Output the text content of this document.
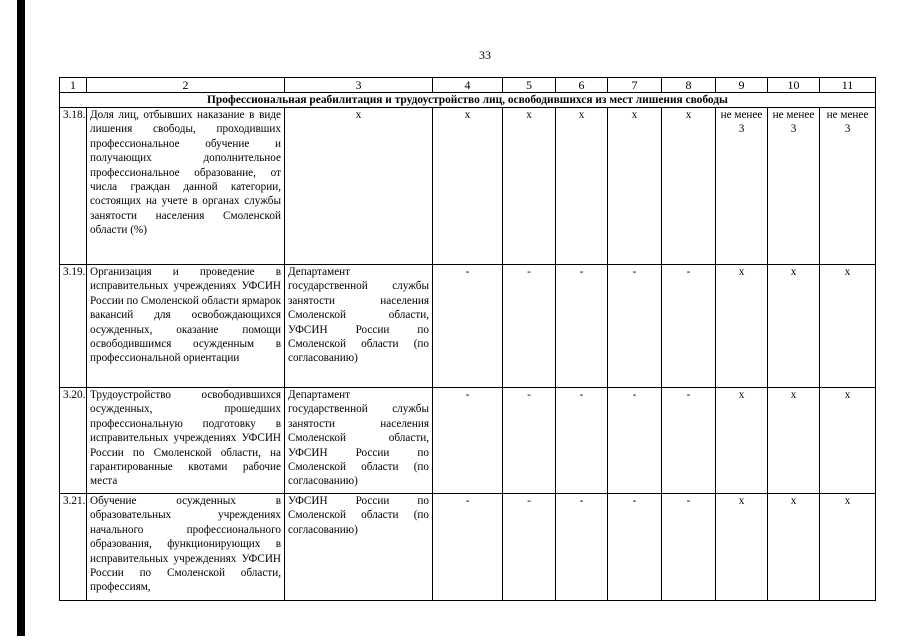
33
1	2	3	4	5	6	7	8	9	10	11
Профессиональная реабилитация и трудоустройство лиц, освободившихся из мест лишения свободы										
3.18.	Доля лиц, отбывших наказание в виде лишения свободы, проходивших профессиональное обучение и получающих дополнительное профессиональное образование, от числа граждан данной категории, состоящих на учете в органах службы занятости населения Смоленской области (%)	х	х	х	х	х	х	не менее 3	не менее 3	не менее 3
3.19.	Организация и проведение в исправительных учреждениях УФСИН России по Смоленской области ярмарок вакансий для освобождающихся осужденных, оказание помощи освободившимся осужденным в профессиональной ориентации	Департамент государственной службы занятости населения Смоленской области, УФСИН России по Смоленской области (по согласованию)	-	-	-	-	-	х	х	х
3.20.	Трудоустройство освободившихся осужденных, прошедших профессиональную подготовку в исправительных учреждениях УФСИН России по Смоленской области, на гарантированные квотами рабочие места	Департамент государственной службы занятости населения Смоленской области, УФСИН России по Смоленской области (по согласованию)	-	-	-	-	-	х	х	х
3.21.	Обучение осужденных в образовательных учреждениях начального профессионального образования, функционирующих в исправительных учреждениях УФСИН России по Смоленской области, профессиям,	УФСИН России по Смоленской области (по согласованию)	-	-	-	-	-	х	х	х
